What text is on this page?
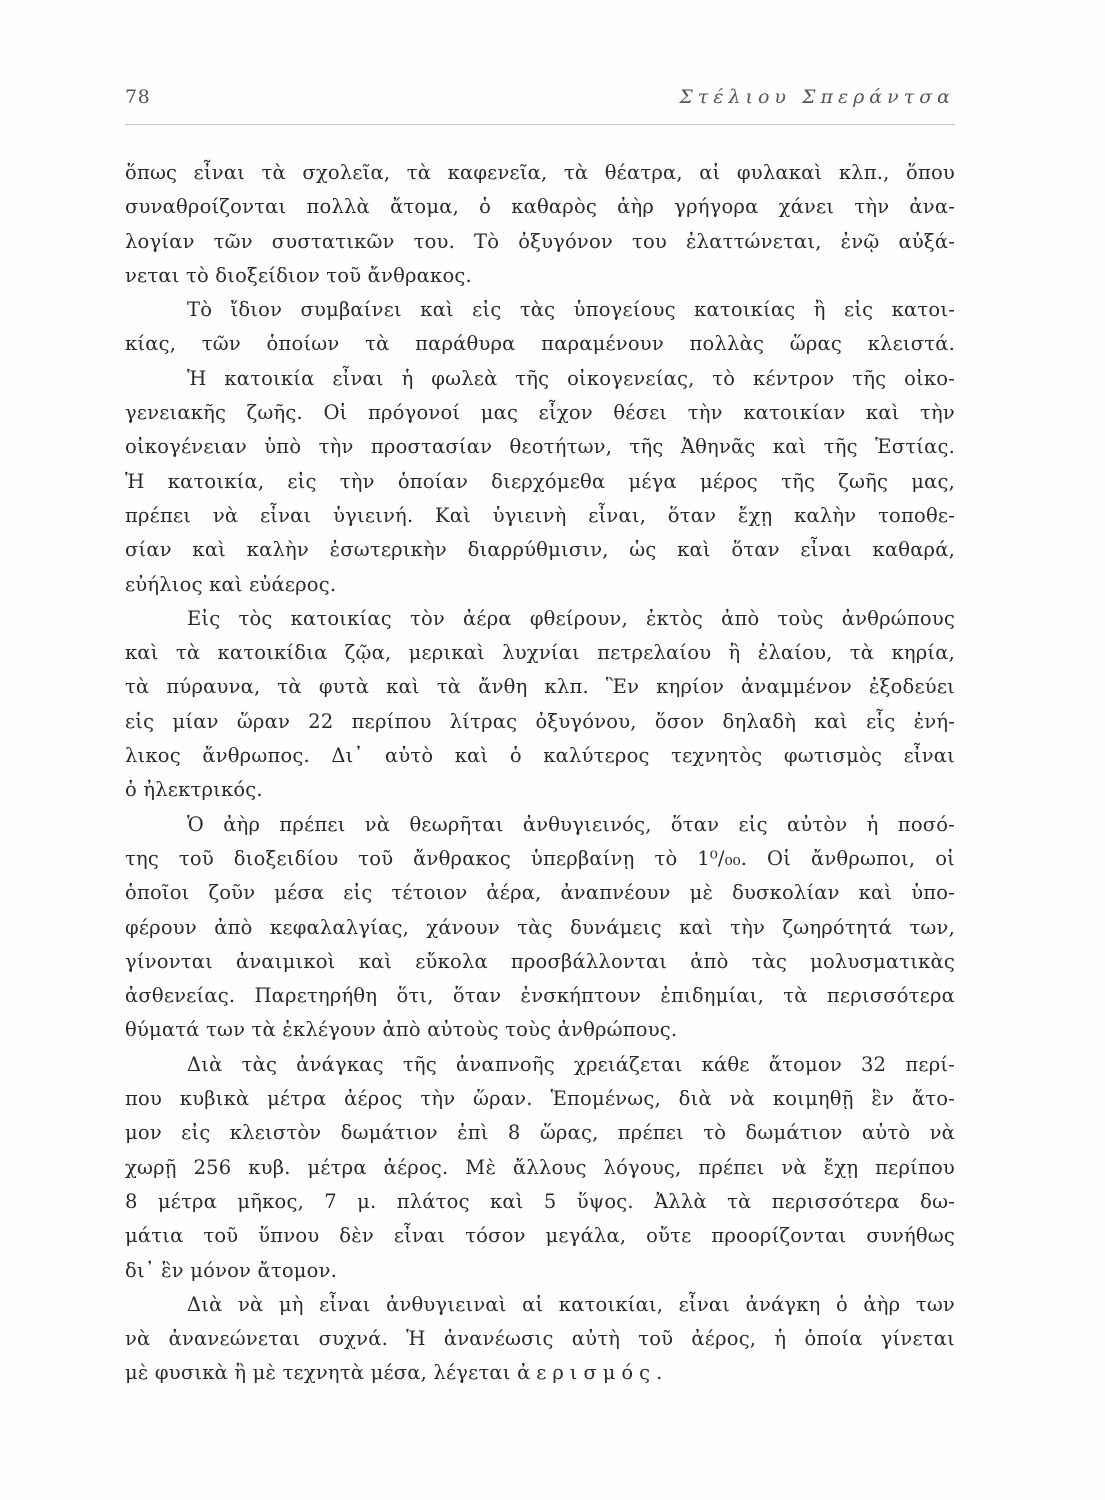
78	Στέλιου Σπεράντσα
ὅπως εἶναι τὰ σχολεῖα, τὰ καφενεῖα, τὰ θέατρα, αἱ φυλακαὶ κλπ., ὅπου
συναθροίζονται πολλὰ ἄτομα, ὁ καθαρὸς ἀὴρ γρήγορα χάνει τὴν ἀνα-
λογίαν τῶν συστατικῶν του. Τὸ ὀξυγόνον του ἐλαττώνεται, ἐνῷ αὐξά-
νεται τὸ διοξείδιον τοῦ ἄνθρακος.
Τὸ ἴδιον συμβαίνει καὶ εἰς τὰς ὑπογείους κατοικίας ἢ εἰς κατοι-
κίας, τῶν ὁποίων τὰ παράθυρα παραμένουν πολλὰς ὥρας κλειστά.
Ἡ κατοικία εἶναι ἡ φωλεὰ τῆς οἰκογενείας, τὸ κέντρον τῆς οἰκο-
γενειακῆς ζωῆς. Οἱ πρόγονοί μας εἶχον θέσει τὴν κατοικίαν καὶ τὴν
οἰκογένειαν ὑπὸ τὴν προστασίαν θεοτήτων, τῆς Ἀθηνᾶς καὶ τῆς Ἑστίας.
Ἡ κατοικία, εἰς τὴν ὁποίαν διερχόμεθα μέγα μέρος τῆς ζωῆς μας,
πρέπει νὰ εἶναι ὑγιεινή. Καὶ ὑγιεινὴ εἶναι, ὅταν ἔχῃ καλὴν τοποθε-
σίαν καὶ καλὴν ἐσωτερικὴν διαρρύθμισιν, ὡς καὶ ὅταν εἶναι καθαρά,
εὐήλιος καὶ εὐάερος.
Εἰς τὸς κατοικίας τὸν ἀέρα φθείρουν, ἐκτὸς ἀπὸ τοὺς ἀνθρώπους
καὶ τὰ κατοικίδια ζῷα, μερικαὶ λυχνίαι πετρελαίου ἢ ἐλαίου, τὰ κηρία,
τὰ πύραυνα, τὰ φυτὰ καὶ τὰ ἄνθη κλπ. Ἓν κηρίον ἀναμμένον ἐξοδεύει
εἰς μίαν ὥραν 22 περίπου λίτρας ὀξυγόνου, ὅσον δηλαδὴ καὶ εἷς ἐνή-
λικος ἄνθρωπος. Δι᾽ αὐτὸ καὶ ὁ καλύτερος τεχνητὸς φωτισμὸς εἶναι
ὁ ἠλεκτρικός.
Ὁ ἀὴρ πρέπει νὰ θεωρῆται ἀνθυγιεινός, ὅταν εἰς αὐτὸν ἡ ποσό-
της τοῦ διοξειδίου τοῦ ἄνθρακος ὑπερβαίνῃ τὸ 1⁰/₀₀. Οἱ ἄνθρωποι, οἱ
ὁποῖοι ζοῦν μέσα εἰς τέτοιον ἀέρα, ἀναπνέουν μὲ δυσκολίαν καὶ ὑπο-
φέρουν ἀπὸ κεφαλαλγίας, χάνουν τὰς δυνάμεις καὶ τὴν ζωηρότητά των,
γίνονται ἀναιμικοὶ καὶ εὔκολα προσβάλλονται ἀπὸ τὰς μολυσματικὰς
ἀσθενείας. Παρετηρήθη ὅτι, ὅταν ἐνσκήπτουν ἐπιδημίαι, τὰ περισσότερα
θύματά των τὰ ἐκλέγουν ἀπὸ αὐτοὺς τοὺς ἀνθρώπους.
Διὰ τὰς ἀνάγκας τῆς ἀναπνοῆς χρειάζεται κάθε ἄτομον 32 περί-
που κυβικὰ μέτρα ἀέρος τὴν ὥραν. Ἑπομένως, διὰ νὰ κοιμηθῇ ἓν ἄτο-
μον εἰς κλειστὸν δωμάτιον ἐπὶ 8 ὥρας, πρέπει τὸ δωμάτιον αὐτὸ νὰ
χωρῇ 256 κυβ. μέτρα ἀέρος. Μὲ ἄλλους λόγους, πρέπει νὰ ἔχῃ περίπου
8 μέτρα μῆκος, 7 μ. πλάτος καὶ 5 ὕψος. Ἀλλὰ τὰ περισσότερα δω-
μάτια τοῦ ὕπνου δὲν εἶναι τόσον μεγάλα, οὔτε προορίζονται συνήθως
δι᾽ ἓν μόνον ἄτομον.
Διὰ νὰ μὴ εἶναι ἀνθυγιειναὶ αἱ κατοικίαι, εἶναι ἀνάγκη ὁ ἀὴρ των
νὰ ἀνανεώνεται συχνά. Ἡ ἀνανέωσις αὐτὴ τοῦ ἀέρος, ἡ ὁποία γίνεται
μὲ φυσικὰ ἢ μὲ τεχνητὰ μέσα, λέγεται ἀερισμός.
